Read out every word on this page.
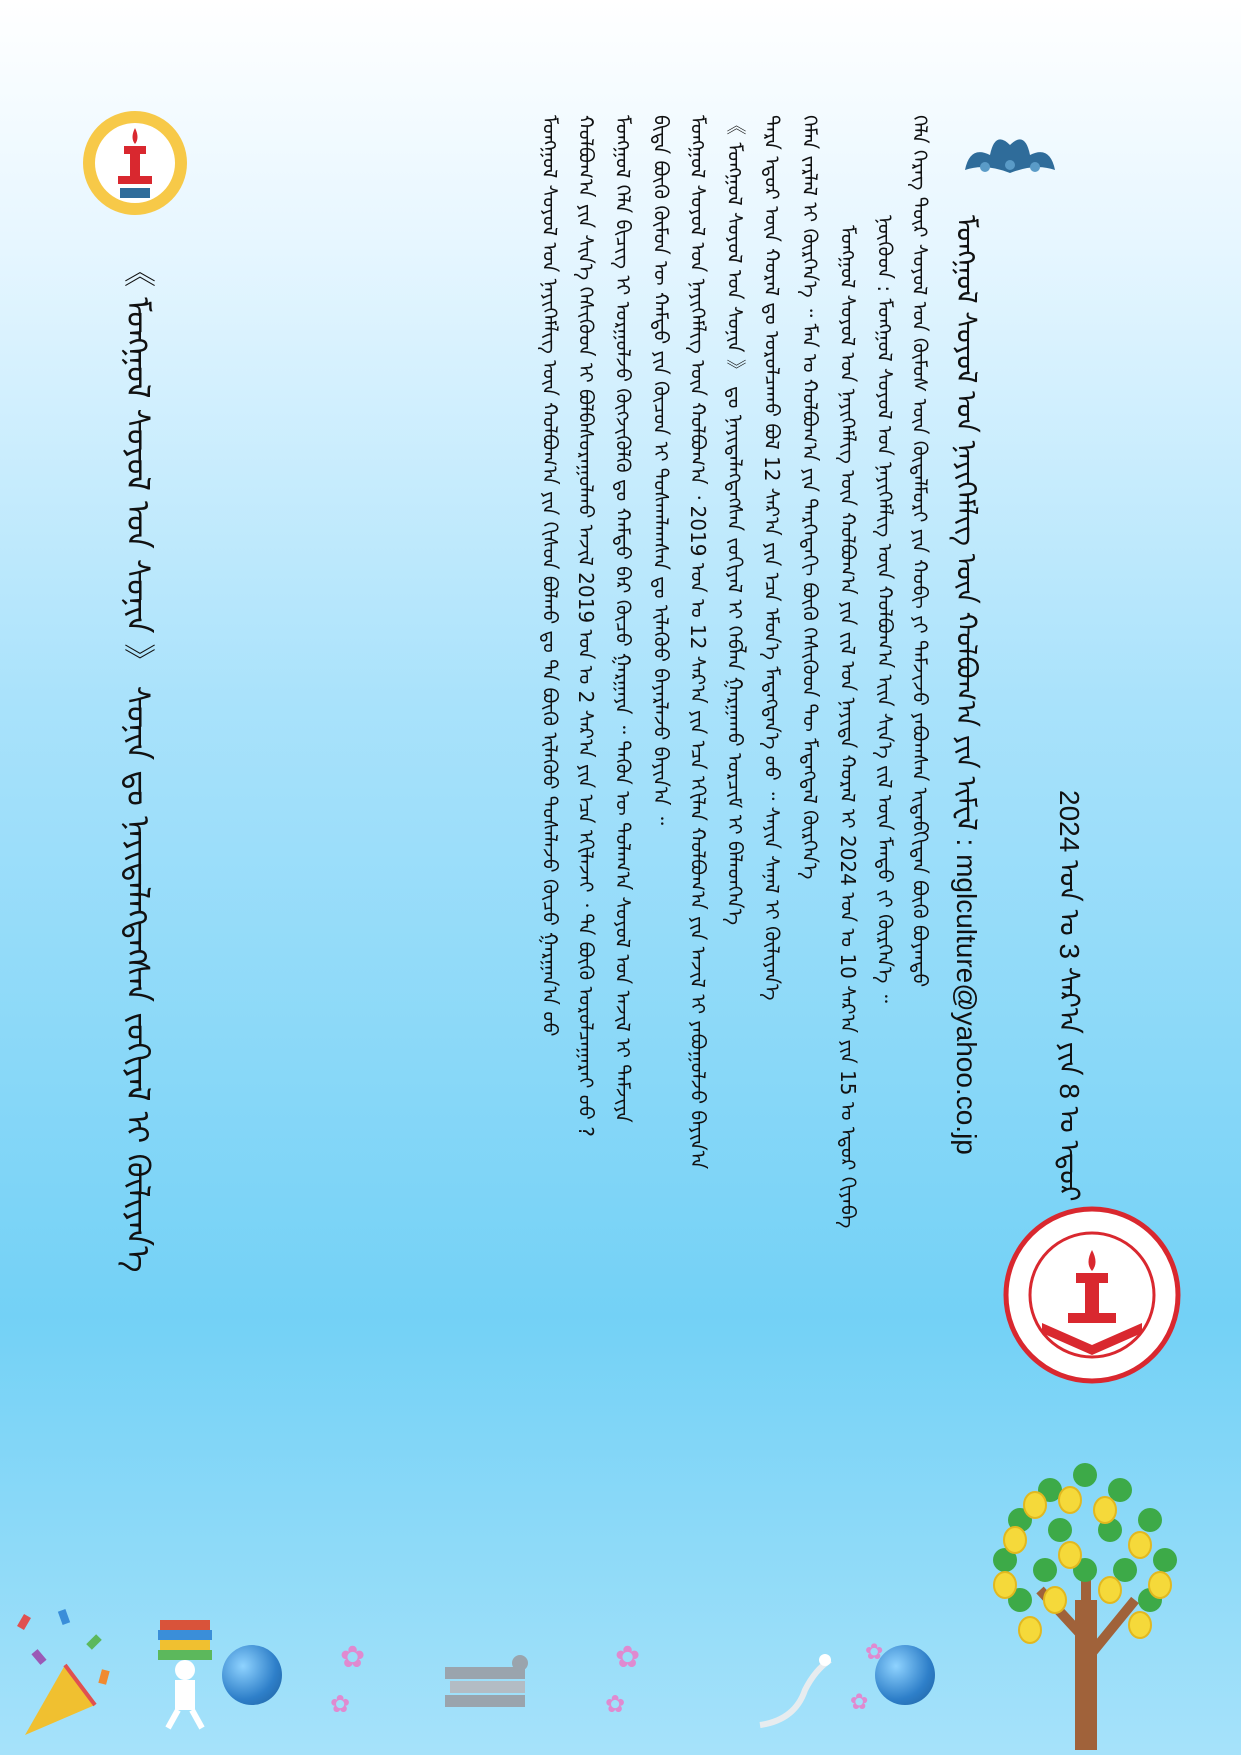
2024 ᠣᠨ ᠤ 3 ᠰᠠᠷ᠎ᠠ ᠶᠢᠨ 8 ᠤ ᠡᠳᠦᠷ
ᠮᠣᠩᠭᠣᠯ ᠰᠣᠶᠣᠯ ᠤᠨ ᠨᠡᠶᠢᠭᠡᠮᠯᠢᠭ ᠦᠨ ᠬᠣᠯᠪᠣᠭ᠎ᠠ ᠶᠢᠨ ᠢᠮᠸᠯ : mglculture@yahoo.co.jp
ᠭᠡᠯᠡ ᠬᠡᠷᠡᠭ ᠲᠦᠷ ᠰᠣᠶᠣᠯ ᠤᠨ ᠬᠥᠮᠦᠰ ᠦᠨ ᠬᠦᠳᠡᠯᠮᠦᠷᠢ ᠶᠢᠨ ᠬᠤᠪᠢ ᠶᠢ ᠳᠡᠮᠵᠢᠵᠦ ᠶᠠᠪᠤᠭᠰᠠᠨ ᠢᠳᠡᠪᠬᠢᠲᠡᠨ ᠪᠦᠬᠦ ᠪᠤᠶᠠᠨᠲᠣ
ᠨᠥᠬᠦᠳ : ᠮᠣᠩᠭᠣᠯ ᠰᠣᠶᠣᠯ ᠤᠨ ᠨᠡᠶᠢᠭᠡᠮᠯᠢᠭ ᠦᠨ ᠬᠣᠯᠪᠣᠭ᠎ᠠ ᠢᠢᠨ ᠰᠢᠨ᠎ᠡ ᠵᠢᠯ ᠦᠨ ᠮᠡᠨᠳᠦ ᠵᠢ ᠬᠦᠷᠭᠡᠨ᠎ᠡ ᠃
ᠮᠣᠩᠭᠣᠯ ᠰᠣᠶᠣᠯ ᠤᠨ ᠨᠡᠶᠢᠭᠡᠮᠯᠢᠭ ᠦᠨ ᠬᠣᠯᠪᠣᠭ᠎ᠠ ᠶᠢᠨ ᠵᠢᠯ ᠤᠨ ᠨᠡᠶᠢᠲᠡ ᠬᠤᠷᠠᠯ ᠢ 2024 ᠣᠨ ᠤ 10 ᠰᠠᠷ᠎ᠠ ᠶᠢᠨ 15 ᠤ ᠡᠳᠦᠷ ᠬᠢᠶᠠᠪᠠ
ᠬᠡᠮᠡᠨ ᠵᠠᠷᠯᠠᠯ ᠢ ᠬᠦᠷᠭᠡᠨ᠎ᠡ ᠃ ᠮᠠᠨ ᠤ ᠬᠣᠯᠪᠣᠭ᠎ᠠ ᠶᠢᠨ ᠳᠡᠷᠭᠡᠳᠡᠬᠢ ᠪᠦᠬᠦ ᠭᠡᠰᠢᠭᠦᠳ ᠲᠦ ᠮᠡᠳᠡᠭᠳᠡᠯ ᠬᠦᠷᠭᠡᠨ᠎ᠡ
ᠲᠡᠷᠡ ᠡᠳᠦᠷ ᠦᠨ ᠬᠤᠷᠠᠯ ᠳᠤ ᠣᠷᠣᠯᠴᠠᠬᠤ ᠪᠣᠯ 12 ᠰᠠᠷ᠎ᠠ ᠶᠢᠨ ᠡᠴᠡ ᠡᠮᠦᠨ᠎ᠡ ᠮᠡᠳᠡᠭᠳᠡᠨ᠎ᠡ ᠦᠦ ᠃ ᠰᠠᠶᠢᠨ ᠰᠠᠨᠠᠯ ᠢ ᠬᠦᠯᠢᠶᠡᠨ᠎ᠡ
《 ᠮᠣᠩᠭᠣᠯ ᠰᠣᠶᠣᠯ ᠤᠨ ᠰᠣᠨᠢᠨ 》 ᠳᠤ ᠨᠡᠶᠢᠲᠡᠯᠡᠭᠳᠡᠭᠰᠡᠨ ᠵᠣᠬᠢᠶᠠᠯ ᠢ ᠬᠡᠪᠯᠡᠨ ᠭᠠᠷᠭᠠᠬᠤ ᠣᠷᠴᠢᠮ ᠢ ᠪᠡᠯᠡᠳᠭᠡᠨ᠎ᠡ
ᠮᠣᠩᠭᠣᠯ ᠰᠣᠶᠣᠯ ᠤᠨ ᠨᠡᠶᠢᠭᠡᠮᠯᠢᠭ ᠦᠨ ᠬᠣᠯᠪᠣᠭ᠎ᠠ ᠂ 2019 ᠣᠨ ᠤ 12 ᠰᠠᠷ᠎ᠠ ᠶᠢᠨ ᠡᠴᠡ ᠡᠬᠢᠯᠡᠨ ᠬᠣᠯᠪᠣᠭ᠎ᠠ ᠶᠢᠨ ᠠᠵᠢᠯ ᠢ ᠶᠠᠪᠤᠭᠤᠯᠵᠤ ᠪᠠᠶᠢᠨ᠎ᠠ
ᠪᠢᠳᠡ ᠪᠦᠬᠦ ᠬᠦᠮᠦᠨ ᠦ ᠬᠠᠮᠲᠤ ᠶᠢᠨ ᠬᠦᠴᠦᠨ ᠢ ᠲᠤᠰᠬᠠᠯᠠᠭᠰᠠᠨ ᠳᠤ ᠢᠯᠡᠭᠦᠦ ᠪᠠᠶᠠᠷᠯᠠᠵᠤ ᠪᠠᠶᠢᠨ᠎ᠠ ᠃
ᠮᠣᠩᠭᠣᠯ ᠬᠡᠯᠡ ᠪᠢᠴᠢᠭ ᠢ ᠤᠷᠭᠤᠯᠵᠤ ᠬᠥᠭᠵᠢᠭᠦᠯᠬᠦ ᠳᠤ ᠬᠠᠮᠲᠤ ᠪᠡᠷ ᠬᠦᠴᠦ ᠭᠠᠷᠭᠠᠶᠠ ᠃ ᠲᠡᠭᠦᠨ ᠦ ᠲᠤᠯᠠᠭ᠎ᠠ ᠰᠣᠶᠣᠯ ᠤᠨ ᠠᠵᠢᠯ ᠢ ᠳᠡᠮᠵᠢᠶᠡ
ᠬᠣᠯᠪᠣᠭ᠎ᠠ ᠶᠢᠨ ᠰᠢᠨ᠎ᠡ ᠭᠡᠰᠢᠭᠦᠳ ᠢ ᠪᠣᠯᠪᠠᠰᠤᠷᠠᠭᠤᠯᠬᠤ ᠠᠵᠢᠯ 2019 ᠣᠨ ᠤ 2 ᠰᠠᠷ᠎ᠠ ᠶᠢᠨ ᠡᠴᠡ ᠡᠬᠢᠯᠡᠵᠡᠢ ᠂ ᠲᠠ ᠪᠦᠬᠦ ᠣᠷᠣᠯᠴᠠᠭᠠᠷᠠᠢ ᠤᠤ ?
ᠮᠣᠩᠭᠣᠯ ᠰᠣᠶᠣᠯ ᠤᠨ ᠨᠡᠶᠢᠭᠡᠮᠯᠢᠭ ᠦᠨ ᠬᠣᠯᠪᠣᠭ᠎ᠠ ᠶᠢᠨ ᠭᠢᠰᠦᠨ ᠪᠣᠯᠬᠤ ᠳᠤ ᠲᠠ ᠪᠦᠬᠦ ᠢᠯᠡᠭᠦᠦ ᠲᠤᠰᠠᠯᠠᠵᠤ ᠬᠦᠴᠦ ᠭᠠᠷᠭᠠᠨ᠎ᠠ ᠤᠤ
《 ᠮᠣᠩᠭᠣᠯ ᠰᠣᠶᠣᠯ ᠤᠨ ᠰᠣᠨᠢᠨ 》 ᠰᠣᠨᠢᠨ ᠳᠤ ᠨᠡᠶᠢᠲᠡᠯᠡᠭᠳᠡᠭᠰᠡᠨ ᠵᠣᠬᠢᠶᠠᠯ ᠢ ᠬᠦᠯᠢᠶᠡᠨ᠎ᠡ
✿
✿
✿
✿
✿
✿
